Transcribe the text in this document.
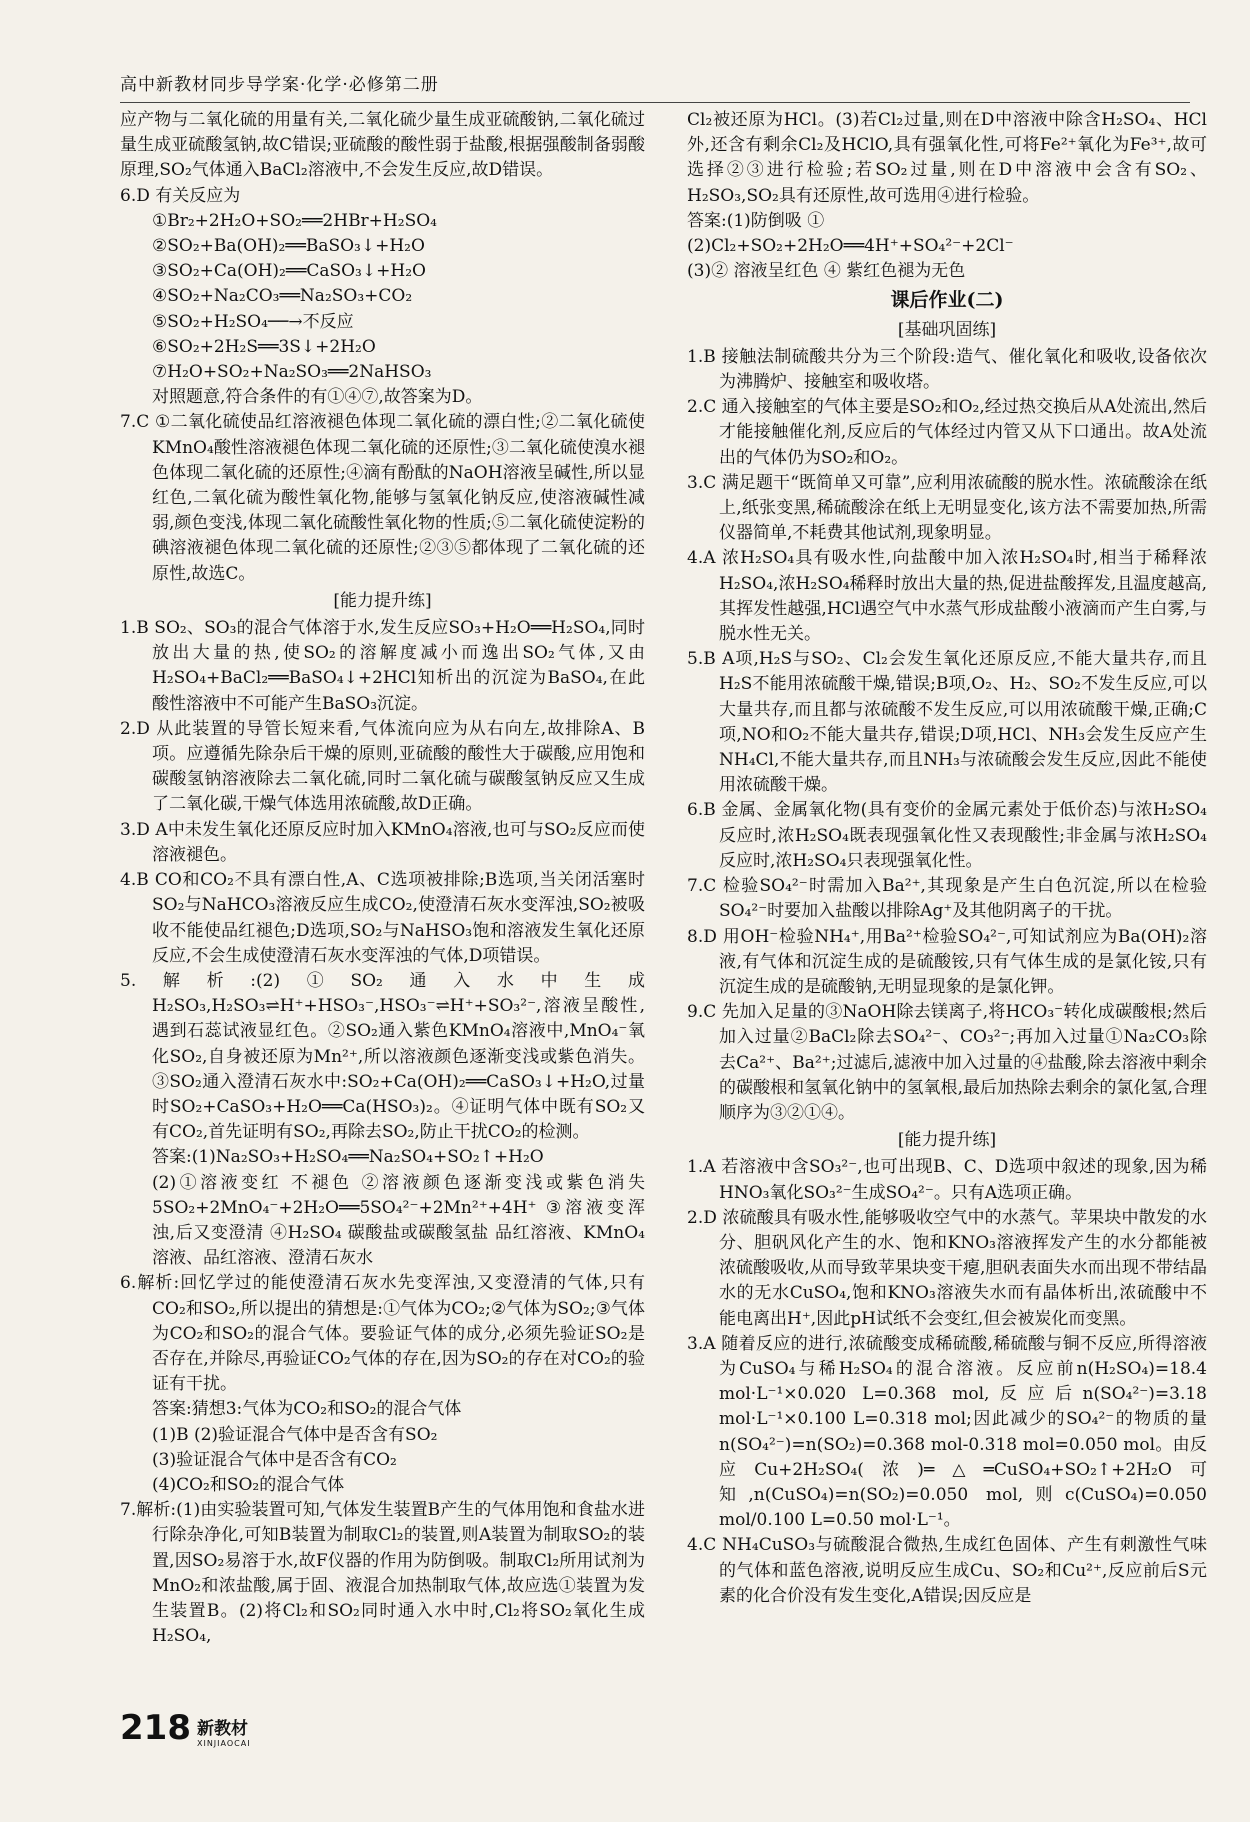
高中新教材同步导学案·化学·必修第二册
应产物与二氧化硫的用量有关,二氧化硫少量生成亚硫酸钠,二氧化硫过量生成亚硫酸氢钠,故C错误;亚硫酸的酸性弱于盐酸,根据强酸制备弱酸原理,SO₂气体通入BaCl₂溶液中,不会发生反应,故D错误。
6.D 有关反应为
①Br₂+2H₂O+SO₂══2HBr+H₂SO₄
②SO₂+Ba(OH)₂══BaSO₃↓+H₂O
③SO₂+Ca(OH)₂══CaSO₃↓+H₂O
④SO₂+Na₂CO₃══Na₂SO₃+CO₂
⑤SO₂+H₂SO₄──→不反应
⑥SO₂+2H₂S══3S↓+2H₂O
⑦H₂O+SO₂+Na₂SO₃══2NaHSO₃
对照题意,符合条件的有①④⑦,故答案为D。
7.C ①二氧化硫使品红溶液褪色体现二氧化硫的漂白性;②二氧化硫使KMnO₄酸性溶液褪色体现二氧化硫的还原性;③二氧化硫使溴水褪色体现二氧化硫的还原性;④滴有酚酞的NaOH溶液呈碱性,所以显红色,二氧化硫为酸性氧化物,能够与氢氧化钠反应,使溶液碱性减弱,颜色变浅,体现二氧化硫酸性氧化物的性质;⑤二氧化硫使淀粉的碘溶液褪色体现二氧化硫的还原性;②③⑤都体现了二氧化硫的还原性,故选C。
[能力提升练]
1.B SO₂、SO₃的混合气体溶于水,发生反应SO₃+H₂O══H₂SO₄,同时放出大量的热,使SO₂的溶解度减小而逸出SO₂气体,又由H₂SO₄+BaCl₂══BaSO₄↓+2HCl知析出的沉淀为BaSO₄,在此酸性溶液中不可能产生BaSO₃沉淀。
2.D 从此装置的导管长短来看,气体流向应为从右向左,故排除A、B项。应遵循先除杂后干燥的原则,亚硫酸的酸性大于碳酸,应用饱和碳酸氢钠溶液除去二氧化硫,同时二氧化硫与碳酸氢钠反应又生成了二氧化碳,干燥气体选用浓硫酸,故D正确。
3.D A中未发生氧化还原反应时加入KMnO₄溶液,也可与SO₂反应而使溶液褪色。
4.B CO和CO₂不具有漂白性,A、C选项被排除;B选项,当关闭活塞时SO₂与NaHCO₃溶液反应生成CO₂,使澄清石灰水变浑浊,SO₂被吸收不能使品红褪色;D选项,SO₂与NaHSO₃饱和溶液发生氧化还原反应,不会生成使澄清石灰水变浑浊的气体,D项错误。
5.解析:(2)①SO₂通入水中生成H₂SO₃,H₂SO₃⇌H⁺+HSO₃⁻,HSO₃⁻⇌H⁺+SO₃²⁻,溶液呈酸性,遇到石蕊试液显红色。②SO₂通入紫色KMnO₄溶液中,MnO₄⁻氧化SO₂,自身被还原为Mn²⁺,所以溶液颜色逐渐变浅或紫色消失。③SO₂通入澄清石灰水中:SO₂+Ca(OH)₂══CaSO₃↓+H₂O,过量时SO₂+CaSO₃+H₂O══Ca(HSO₃)₂。④证明气体中既有SO₂又有CO₂,首先证明有SO₂,再除去SO₂,防止干扰CO₂的检测。
答案:(1)Na₂SO₃+H₂SO₄══Na₂SO₄+SO₂↑+H₂O
(2)①溶液变红 不褪色 ②溶液颜色逐渐变浅或紫色消失 5SO₂+2MnO₄⁻+2H₂O══5SO₄²⁻+2Mn²⁺+4H⁺ ③溶液变浑浊,后又变澄清 ④H₂SO₄ 碳酸盐或碳酸氢盐 品红溶液、KMnO₄溶液、品红溶液、澄清石灰水
6.解析:回忆学过的能使澄清石灰水先变浑浊,又变澄清的气体,只有CO₂和SO₂,所以提出的猜想是:①气体为CO₂;②气体为SO₂;③气体为CO₂和SO₂的混合气体。要验证气体的成分,必须先验证SO₂是否存在,并除尽,再验证CO₂气体的存在,因为SO₂的存在对CO₂的验证有干扰。
答案:猜想3:气体为CO₂和SO₂的混合气体
(1)B (2)验证混合气体中是否含有SO₂
(3)验证混合气体中是否含有CO₂
(4)CO₂和SO₂的混合气体
7.解析:(1)由实验装置可知,气体发生装置B产生的气体用饱和食盐水进行除杂净化,可知B装置为制取Cl₂的装置,则A装置为制取SO₂的装置,因SO₂易溶于水,故F仪器的作用为防倒吸。制取Cl₂所用试剂为MnO₂和浓盐酸,属于固、液混合加热制取气体,故应选①装置为发生装置B。(2)将Cl₂和SO₂同时通入水中时,Cl₂将SO₂氧化生成H₂SO₄,
Cl₂被还原为HCl。(3)若Cl₂过量,则在D中溶液中除含H₂SO₄、HCl外,还含有剩余Cl₂及HClO,具有强氧化性,可将Fe²⁺氧化为Fe³⁺,故可选择②③进行检验;若SO₂过量,则在D中溶液中会含有SO₂、H₂SO₃,SO₂具有还原性,故可选用④进行检验。
答案:(1)防倒吸 ①
(2)Cl₂+SO₂+2H₂O══4H⁺+SO₄²⁻+2Cl⁻
(3)② 溶液呈红色 ④ 紫红色褪为无色
课后作业(二)
[基础巩固练]
1.B 接触法制硫酸共分为三个阶段:造气、催化氧化和吸收,设备依次为沸腾炉、接触室和吸收塔。
2.C 通入接触室的气体主要是SO₂和O₂,经过热交换后从A处流出,然后才能接触催化剂,反应后的气体经过内管又从下口通出。故A处流出的气体仍为SO₂和O₂。
3.C 满足题干“既简单又可靠”,应利用浓硫酸的脱水性。浓硫酸涂在纸上,纸张变黑,稀硫酸涂在纸上无明显变化,该方法不需要加热,所需仪器简单,不耗费其他试剂,现象明显。
4.A 浓H₂SO₄具有吸水性,向盐酸中加入浓H₂SO₄时,相当于稀释浓H₂SO₄,浓H₂SO₄稀释时放出大量的热,促进盐酸挥发,且温度越高,其挥发性越强,HCl遇空气中水蒸气形成盐酸小液滴而产生白雾,与脱水性无关。
5.B A项,H₂S与SO₂、Cl₂会发生氧化还原反应,不能大量共存,而且H₂S不能用浓硫酸干燥,错误;B项,O₂、H₂、SO₂不发生反应,可以大量共存,而且都与浓硫酸不发生反应,可以用浓硫酸干燥,正确;C项,NO和O₂不能大量共存,错误;D项,HCl、NH₃会发生反应产生NH₄Cl,不能大量共存,而且NH₃与浓硫酸会发生反应,因此不能使用浓硫酸干燥。
6.B 金属、金属氧化物(具有变价的金属元素处于低价态)与浓H₂SO₄反应时,浓H₂SO₄既表现强氧化性又表现酸性;非金属与浓H₂SO₄反应时,浓H₂SO₄只表现强氧化性。
7.C 检验SO₄²⁻时需加入Ba²⁺,其现象是产生白色沉淀,所以在检验SO₄²⁻时要加入盐酸以排除Ag⁺及其他阴离子的干扰。
8.D 用OH⁻检验NH₄⁺,用Ba²⁺检验SO₄²⁻,可知试剂应为Ba(OH)₂溶液,有气体和沉淀生成的是硫酸铵,只有气体生成的是氯化铵,只有沉淀生成的是硫酸钠,无明显现象的是氯化钾。
9.C 先加入足量的③NaOH除去镁离子,将HCO₃⁻转化成碳酸根;然后加入过量②BaCl₂除去SO₄²⁻、CO₃²⁻;再加入过量①Na₂CO₃除去Ca²⁺、Ba²⁺;过滤后,滤液中加入过量的④盐酸,除去溶液中剩余的碳酸根和氢氧化钠中的氢氧根,最后加热除去剩余的氯化氢,合理顺序为③②①④。
[能力提升练]
1.A 若溶液中含SO₃²⁻,也可出现B、C、D选项中叙述的现象,因为稀HNO₃氧化SO₃²⁻生成SO₄²⁻。只有A选项正确。
2.D 浓硫酸具有吸水性,能够吸收空气中的水蒸气。苹果块中散发的水分、胆矾风化产生的水、饱和KNO₃溶液挥发产生的水分都能被浓硫酸吸收,从而导致苹果块变干瘪,胆矾表面失水而出现不带结晶水的无水CuSO₄,饱和KNO₃溶液失水而有晶体析出,浓硫酸中不能电离出H⁺,因此pH试纸不会变红,但会被炭化而变黑。
3.A 随着反应的进行,浓硫酸变成稀硫酸,稀硫酸与铜不反应,所得溶液为CuSO₄与稀H₂SO₄的混合溶液。反应前n(H₂SO₄)=18.4 mol·L⁻¹×0.020 L=0.368 mol,反应后n(SO₄²⁻)=3.18 mol·L⁻¹×0.100 L=0.318 mol;因此减少的SO₄²⁻的物质的量n(SO₄²⁻)=n(SO₂)=0.368 mol-0.318 mol=0.050 mol。由反应Cu+2H₂SO₄(浓)═△═CuSO₄+SO₂↑+2H₂O可知,n(CuSO₄)=n(SO₂)=0.050 mol,则c(CuSO₄)=0.050 mol/0.100 L=0.50 mol·L⁻¹。
4.C NH₄CuSO₃与硫酸混合微热,生成红色固体、产生有刺激性气味的气体和蓝色溶液,说明反应生成Cu、SO₂和Cu²⁺,反应前后S元素的化合价没有发生变化,A错误;因反应是
218 新教材
XINJIAOCAI
